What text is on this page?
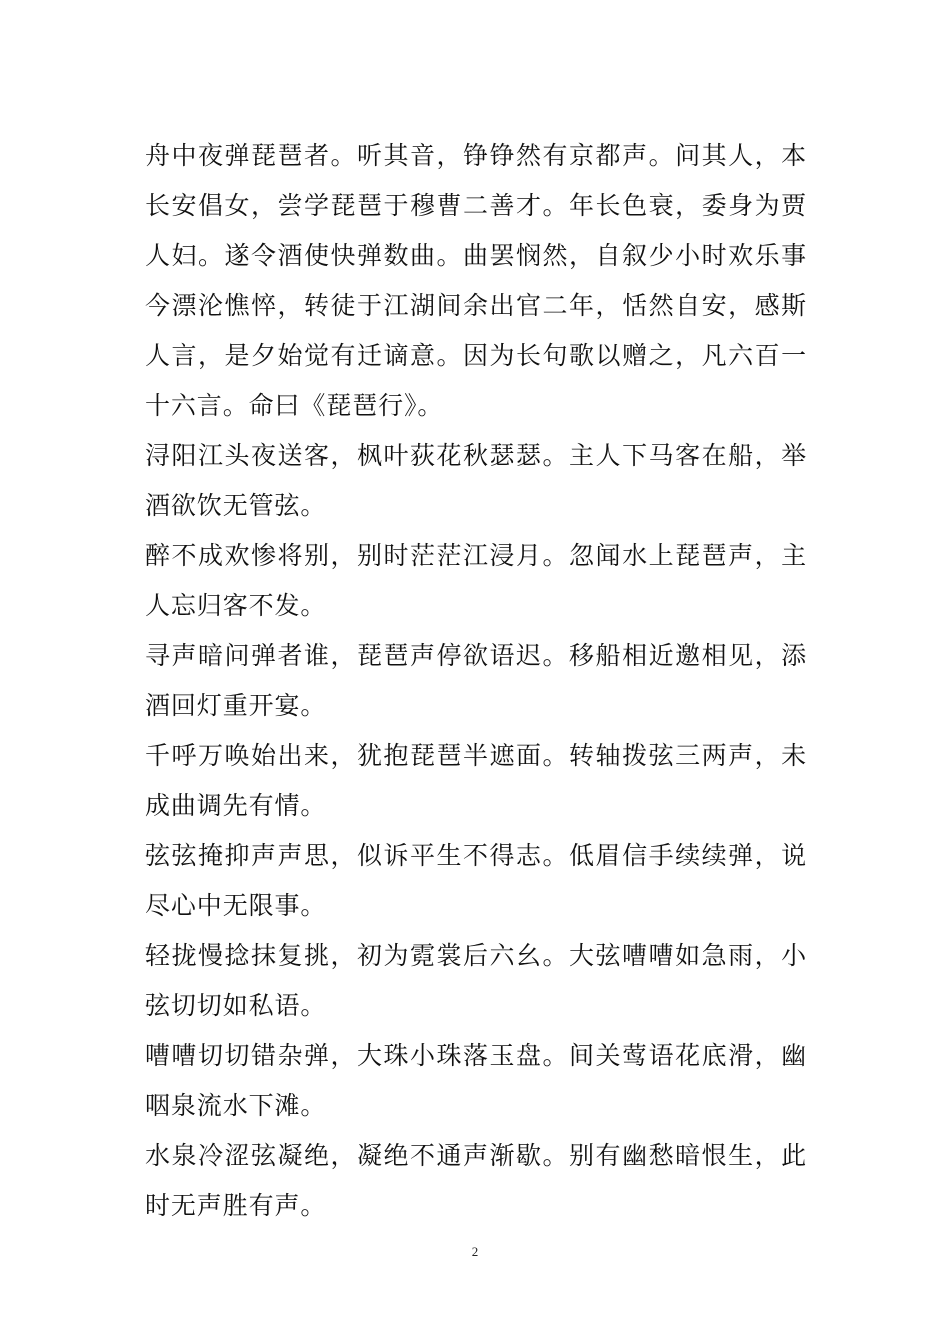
舟中夜弹琵琶者。听其音，铮铮然有京都声。问其人，本长安倡女，尝学琵琶于穆曹二善才。年长色衰，委身为贾人妇。遂令酒使快弹数曲。曲罢悯然，自叙少小时欢乐事今漂沦憔悴，转徒于江湖间余出官二年，恬然自安，感斯人言，是夕始觉有迁谪意。因为长句歌以赠之，凡六百一十六言。命曰《琵琶行》。

浔阳江头夜送客，枫叶荻花秋瑟瑟。主人下马客在船，举酒欲饮无管弦。

醉不成欢惨将别，别时茫茫江浸月。忽闻水上琵琶声，主人忘归客不发。

寻声暗问弹者谁，琵琶声停欲语迟。移船相近邀相见，添酒回灯重开宴。

千呼万唤始出来，犹抱琵琶半遮面。转轴拨弦三两声，未成曲调先有情。

弦弦掩抑声声思，似诉平生不得志。低眉信手续续弹，说尽心中无限事。

轻拢慢捻抹复挑，初为霓裳后六幺。大弦嘈嘈如急雨，小弦切切如私语。

嘈嘈切切错杂弹，大珠小珠落玉盘。间关莺语花底滑，幽咽泉流水下滩。

水泉冷涩弦凝绝，凝绝不通声渐歇。别有幽愁暗恨生，此时无声胜有声。

2
